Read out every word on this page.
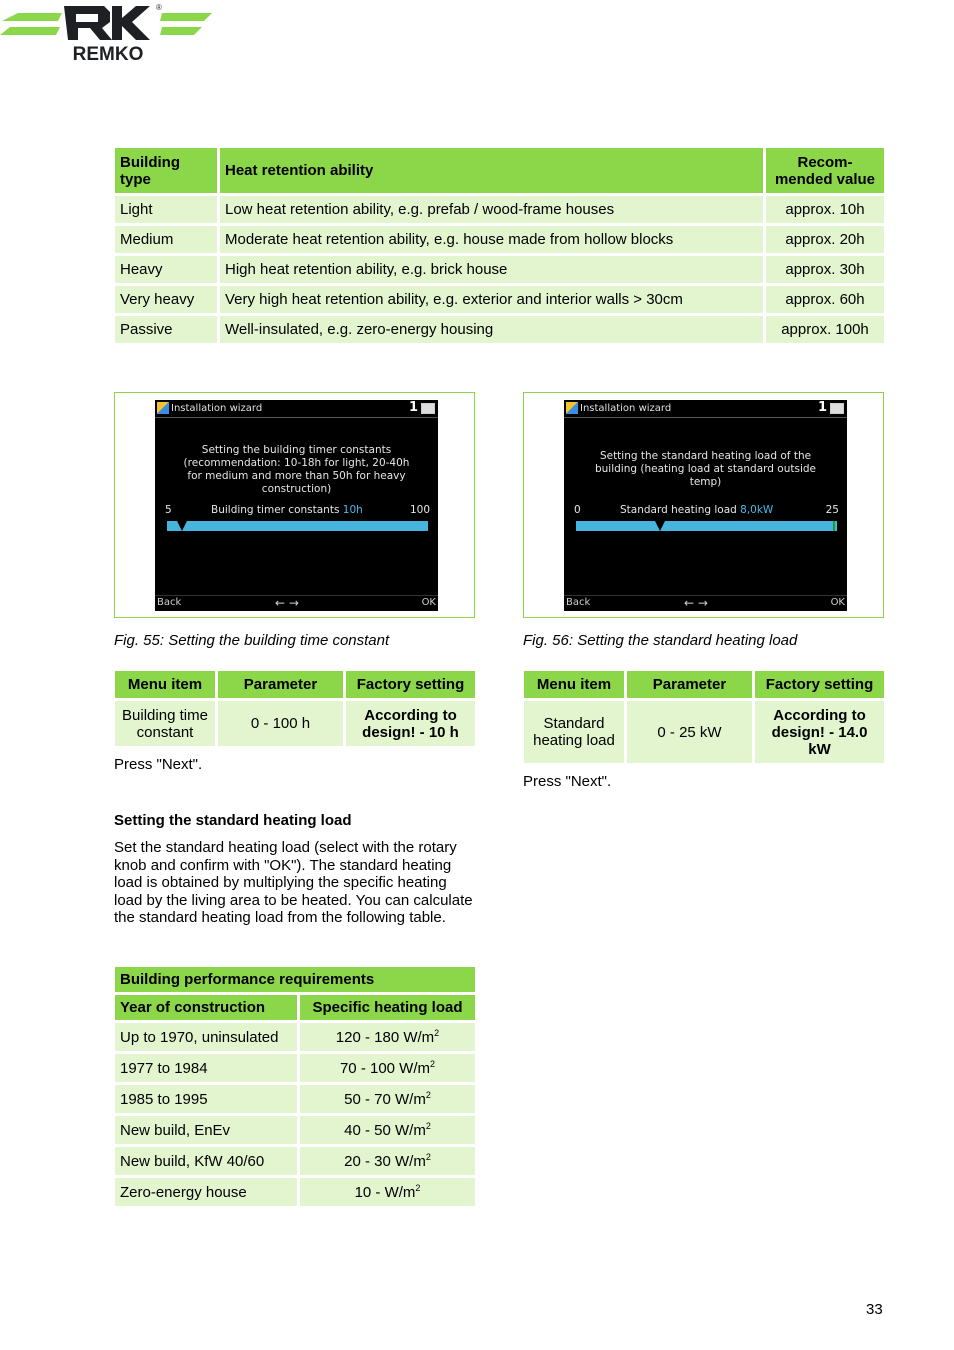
REMKO
®
Building type	Heat retention ability	Recom-
mended value

Light	Low heat retention ability, e.g. prefab / wood-frame houses	approx. 10h
Medium	Moderate heat retention ability, e.g. house made from hollow blocks	approx. 20h
Heavy	High heat retention ability, e.g. brick house	approx. 30h
Very heavy	Very high heat retention ability, e.g. exterior and interior walls > 30cm	approx. 60h
Passive	Well-insulated, e.g. zero-energy housing	approx. 100h
Installation wizard	1
Setting the building timer constants
(recommendation: 10-18h for light, 20-40h
for medium and more than 50h for heavy
construction)
5	Building timer constants 10h	100
Back	← →	OK
Fig. 55: Setting the building time constant
Menu item	Parameter	Factory setting
Building time constant	0 - 100 h	According to design! - 10 h
Press "Next".
Installation wizard	1
Setting the standard heating load of the
building (heating load at standard outside
temp)
0	Standard heating load 8,0kW	25
Back	← →	OK
Fig. 56: Setting the standard heating load
Menu item	Parameter	Factory setting
Standard heating load	0 - 25 kW	According to design! - 14.0 kW
Press "Next".
Setting the standard heating load
Set the standard heating load (select with the rotary knob and confirm with "OK"). The standard heating load is obtained by multiplying the specific heating load by the living area to be heated. You can calculate the standard heating load from the following table.
Building performance requirements	
Year of construction	Specific heating load
Up to 1970, uninsulated	120 - 180 $W/m^2$
1977 to 1984	70 - 100 $W/m^2$
1985 to 1995	50 - 70 $W/m^2$
New build, EnEv	40 - 50 $W/m^2$
New build, KfW 40/60	20 - 30 $W/m^2$
Zero-energy house	$10 - W/m^2$
33
